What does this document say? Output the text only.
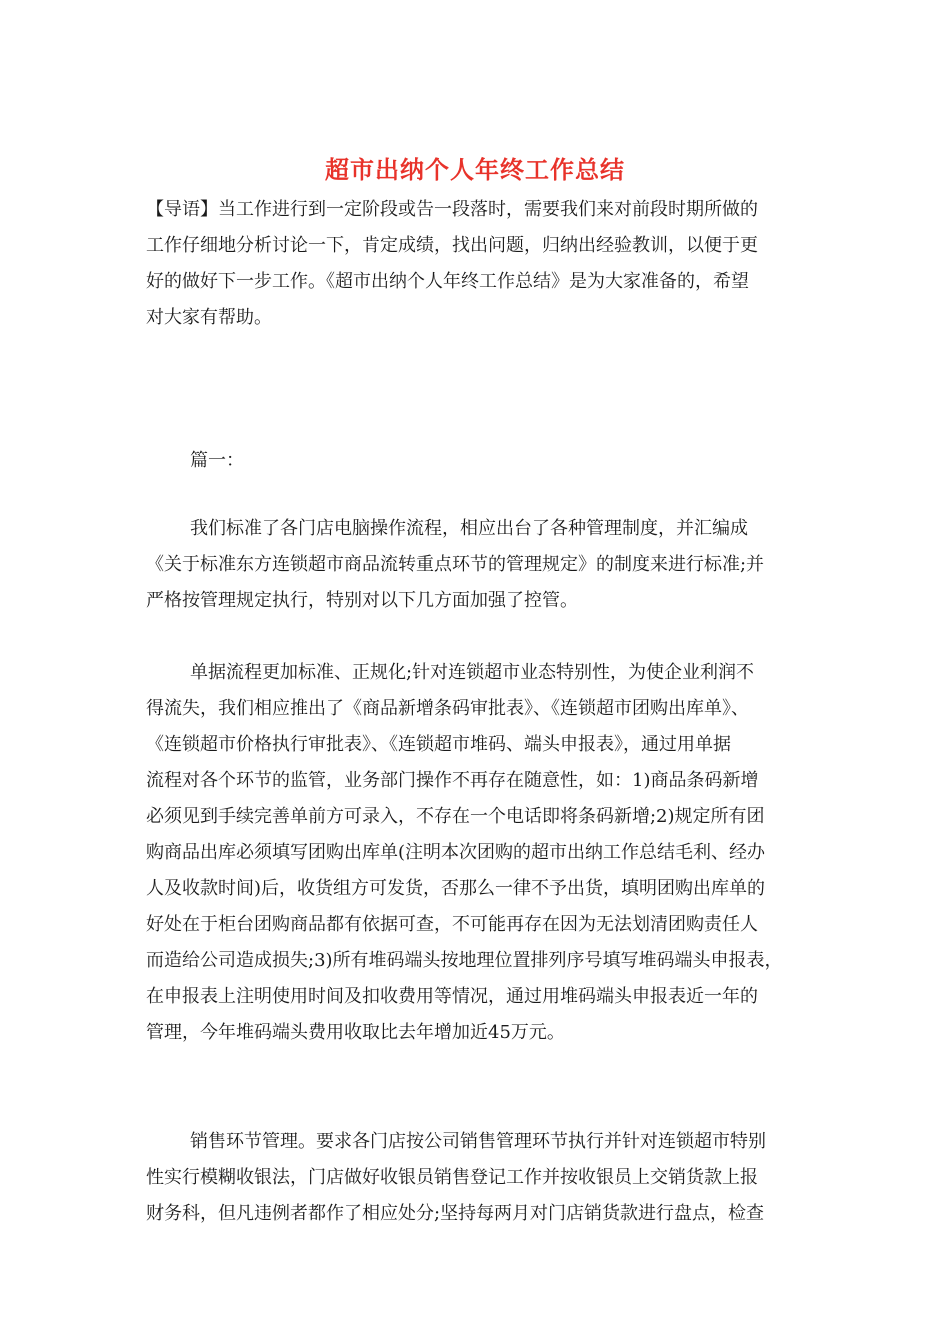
超市出纳个人年终工作总结
【导语】当工作进行到一定阶段或告一段落时，需要我们来对前段时期所做的
工作仔细地分析讨论一下，肯定成绩，找出问题，归纳出经验教训，以便于更
好的做好下一步工作。《超市出纳个人年终工作总结》是为大家准备的，希望
对大家有帮助。
篇一：
我们标准了各门店电脑操作流程，相应出台了各种管理制度，并汇编成
《关于标准东方连锁超市商品流转重点环节的管理规定》的制度来进行标准;并
严格按管理规定执行，特别对以下几方面加强了控管。
单据流程更加标准、正规化;针对连锁超市业态特别性，为使企业利润不
得流失，我们相应推出了《商品新增条码审批表》、《连锁超市团购出库单》、
《连锁超市价格执行审批表》、《连锁超市堆码、端头申报表》，通过用单据
流程对各个环节的监管，业务部门操作不再存在随意性，如：1)商品条码新增
必须见到手续完善单前方可录入，不存在一个电话即将条码新增;2)规定所有团
购商品出库必须填写团购出库单(注明本次团购的超市出纳工作总结毛利、经办
人及收款时间)后，收货组方可发货，否那么一律不予出货，填明团购出库单的
好处在于柜台团购商品都有依据可查，不可能再存在因为无法划清团购责任人
而造给公司造成损失;3)所有堆码端头按地理位置排列序号填写堆码端头申报表，
在申报表上注明使用时间及扣收费用等情况，通过用堆码端头申报表近一年的
管理，今年堆码端头费用收取比去年增加近45万元。
销售环节管理。要求各门店按公司销售管理环节执行并针对连锁超市特别
性实行模糊收银法，门店做好收银员销售登记工作并按收银员上交销货款上报
财务科，但凡违例者都作了相应处分;坚持每两月对门店销货款进行盘点，检查
